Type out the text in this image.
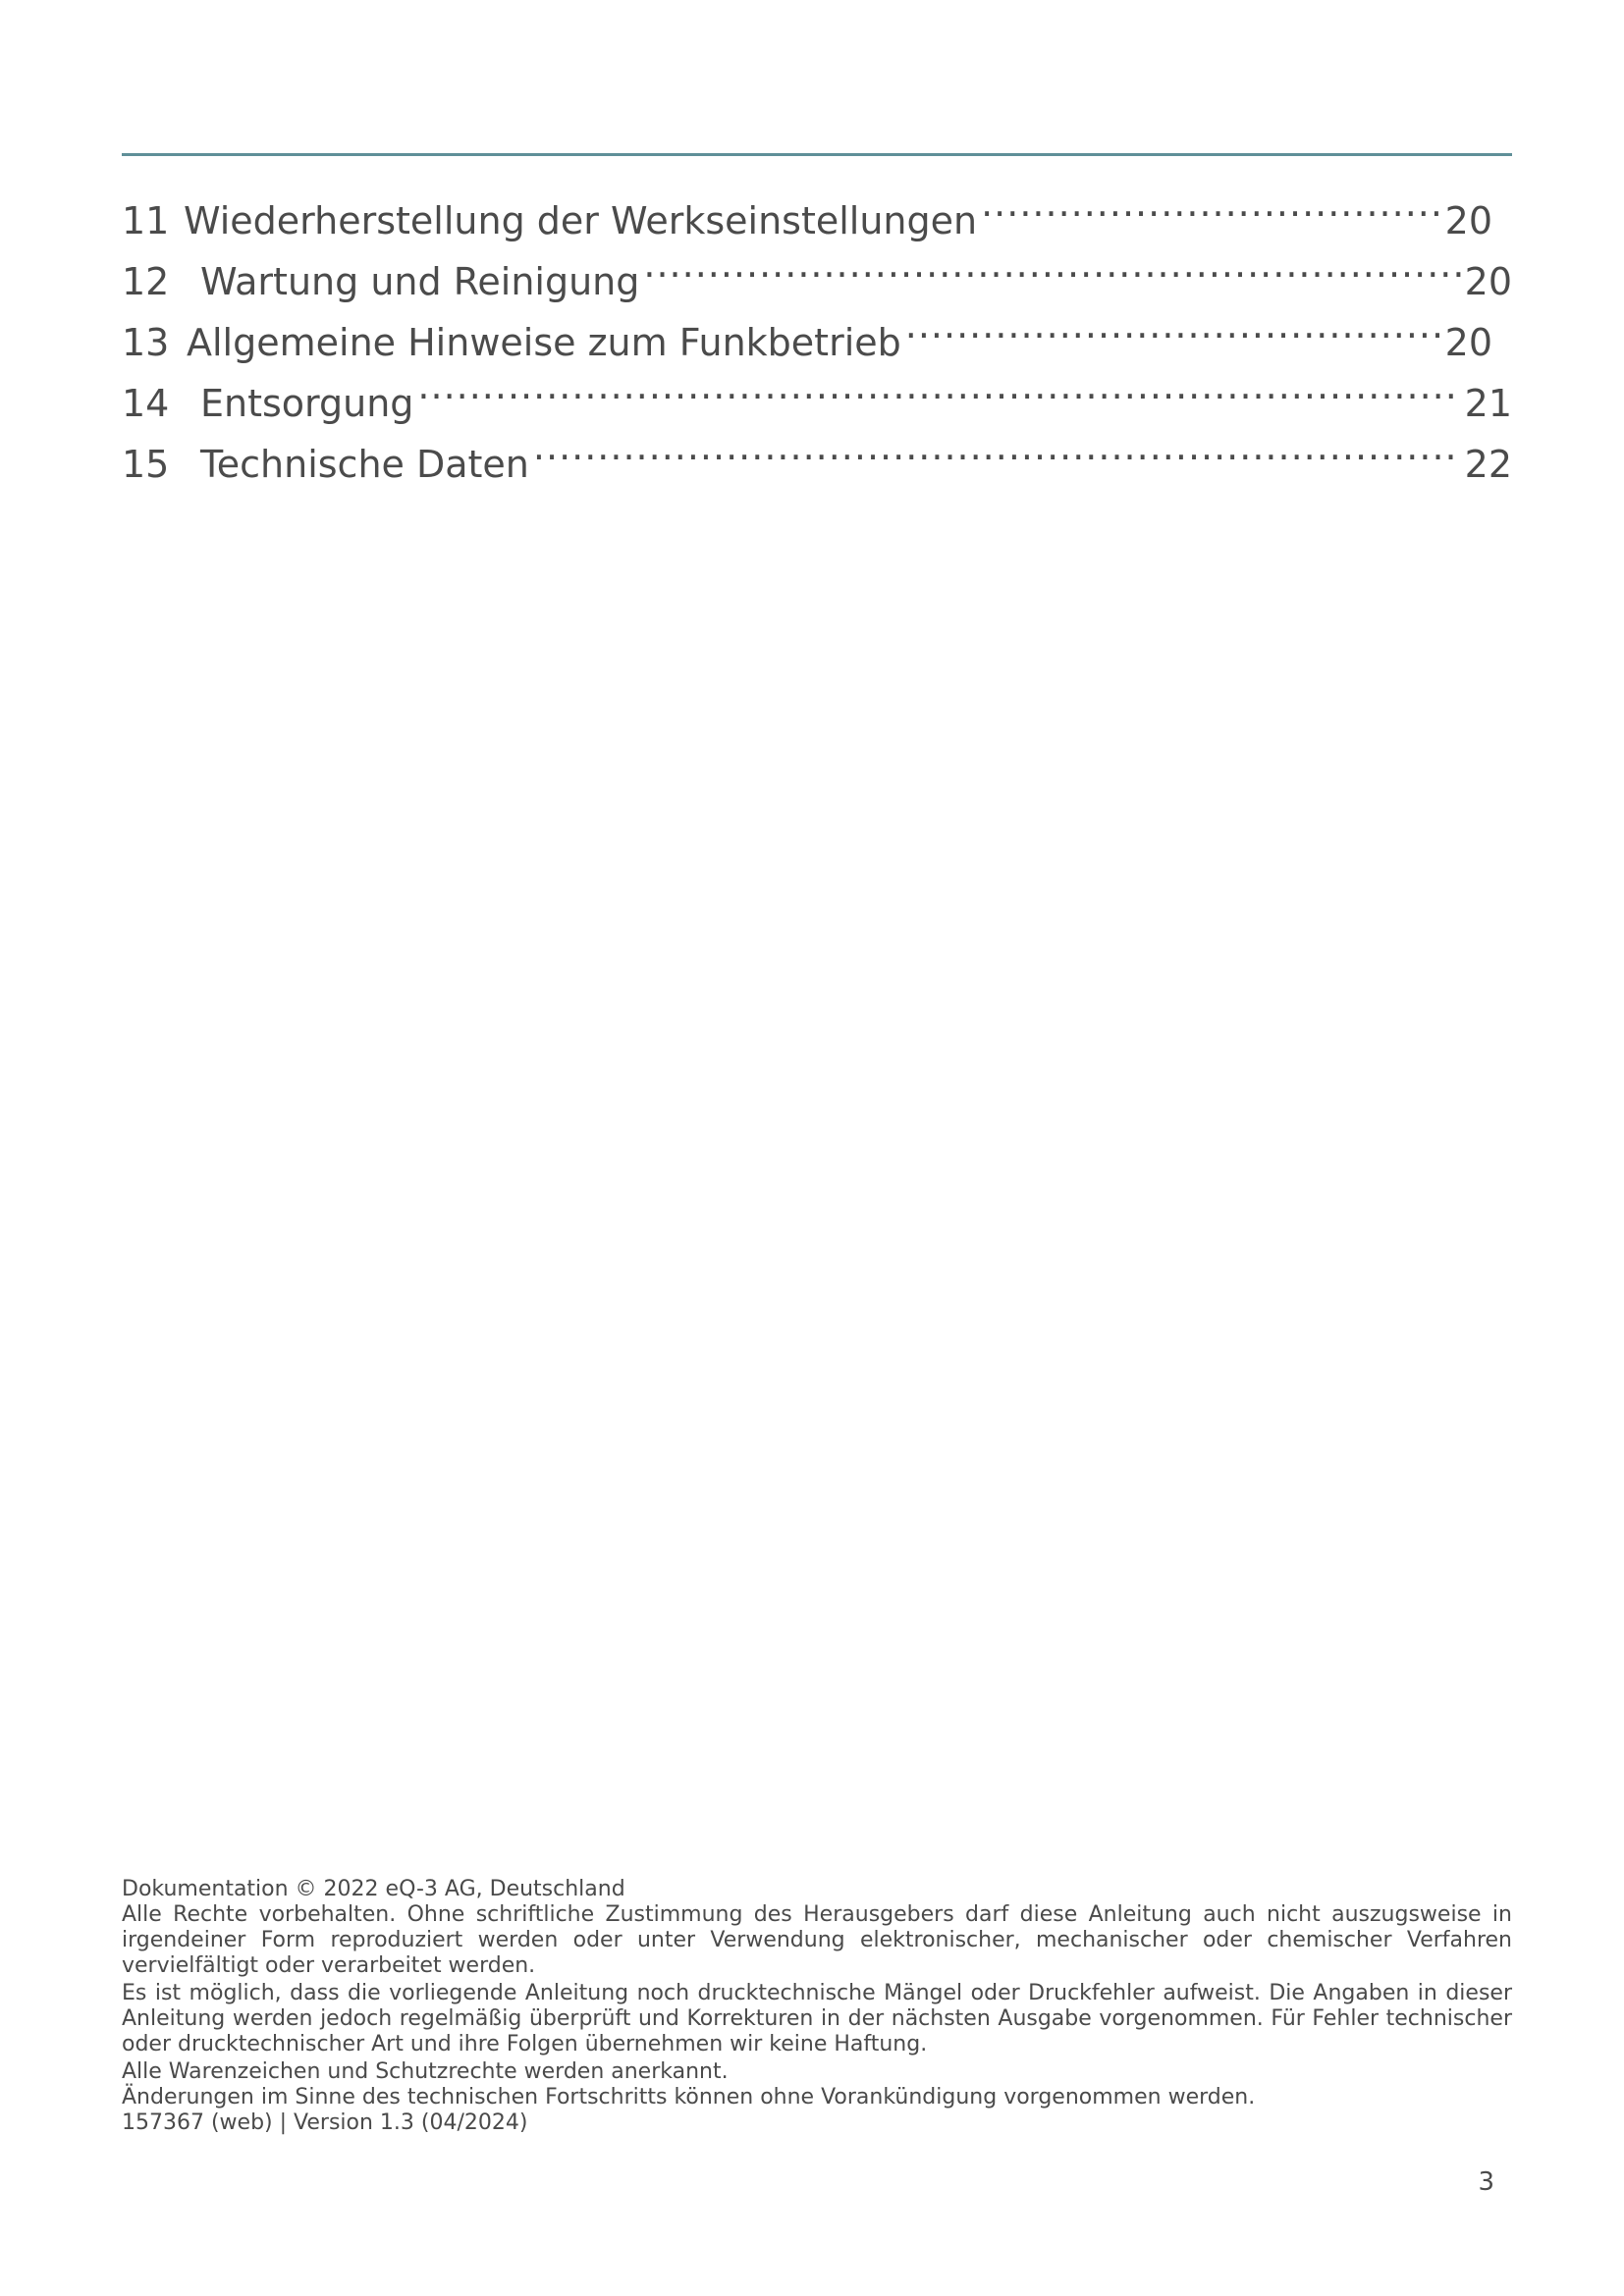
11 Wiederherstellung der Werkseinstellungen .....	20
12 Wartung und Reinigung .....	20
13 Allgemeine Hinweise zum Funkbetrieb .....	20
14 Entsorgung .....	21
15 Technische Daten .....	22

Dokumentation © 2022 eQ-3 AG, Deutschland

Alle Rechte vorbehalten. Ohne schriftliche Zustimmung des Herausgebers darf diese Anleitung auch nicht auszugsweise in irgendeiner Form reproduziert werden oder unter Verwendung elektronischer, mechanischer oder chemischer Verfahren vervielfältigt oder verarbeitet werden.

Es ist möglich, dass die vorliegende Anleitung noch drucktechnische Mängel oder Druckfehler aufweist. Die Angaben in dieser Anleitung werden jedoch regelmäßig überprüft und Korrekturen in der nächsten Ausgabe vorgenommen. Für Fehler technischer oder drucktechnischer Art und ihre Folgen übernehmen wir keine Haftung.

Alle Warenzeichen und Schutzrechte werden anerkannt.

Änderungen im Sinne des technischen Fortschritts können ohne Vorankündigung vorgenommen werden.

157367 (web) | Version 1.3 (04/2024)

3
